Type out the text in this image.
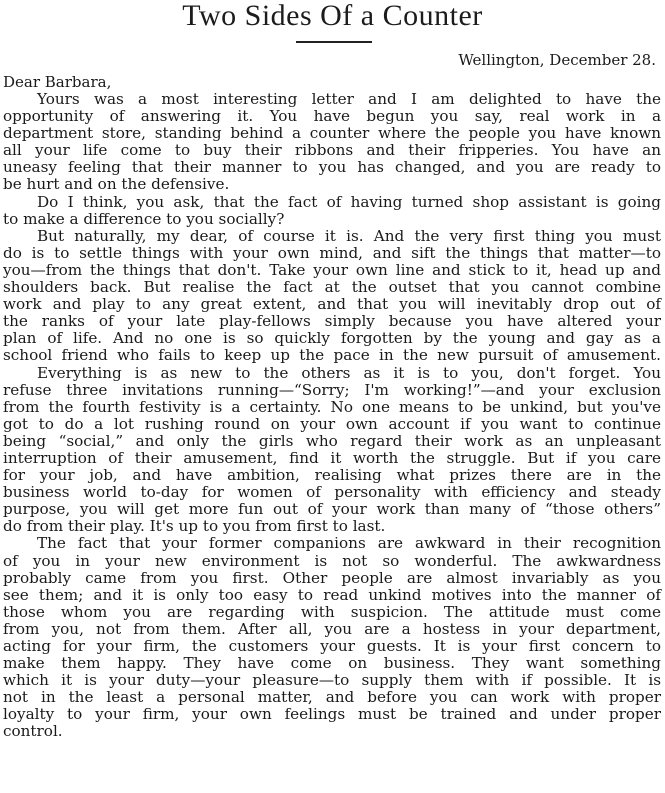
Two Sides Of a Counter
Wellington, December 28.
Dear Barbara,
Yours was a most interesting letter and I am delighted to have the
opportunity of answering it. You have begun you say, real work in a
department store, standing behind a counter where the people you have known
all your life come to buy their ribbons and their fripperies. You have an
uneasy feeling that their manner to you has changed, and you are ready to
be hurt and on the defensive.
Do I think, you ask, that the fact of having turned shop assistant is going
to make a difference to you socially?
But naturally, my dear, of course it is. And the very first thing you must
do is to settle things with your own mind, and sift the things that matter—to
you—from the things that don't. Take your own line and stick to it, head up and
shoulders back. But realise the fact at the outset that you cannot combine
work and play to any great extent, and that you will inevitably drop out of
the ranks of your late play-fellows simply because you have altered your
plan of life. And no one is so quickly forgotten by the young and gay as a
school friend who fails to keep up the pace in the new pursuit of amusement.
Everything is as new to the others as it is to you, don't forget. You
refuse three invitations running—“Sorry; I'm working!”—and your exclusion
from the fourth festivity is a certainty. No one means to be unkind, but you've
got to do a lot rushing round on your own account if you want to continue
being “social,” and only the girls who regard their work as an unpleasant
interruption of their amusement, find it worth the struggle. But if you care
for your job, and have ambition, realising what prizes there are in the
business world to-day for women of personality with efficiency and steady
purpose, you will get more fun out of your work than many of “those others”
do from their play. It's up to you from first to last.
The fact that your former companions are awkward in their recognition
of you in your new environment is not so wonderful. The awkwardness
probably came from you first. Other people are almost invariably as you
see them; and it is only too easy to read unkind motives into the manner of
those whom you are regarding with suspicion. The attitude must come
from you, not from them. After all, you are a hostess in your department,
acting for your firm, the customers your guests. It is your first concern to
make them happy. They have come on business. They want something
which it is your duty—your pleasure—to supply them with if possible. It is
not in the least a personal matter, and before you can work with proper
loyalty to your firm, your own feelings must be trained and under proper
control.
